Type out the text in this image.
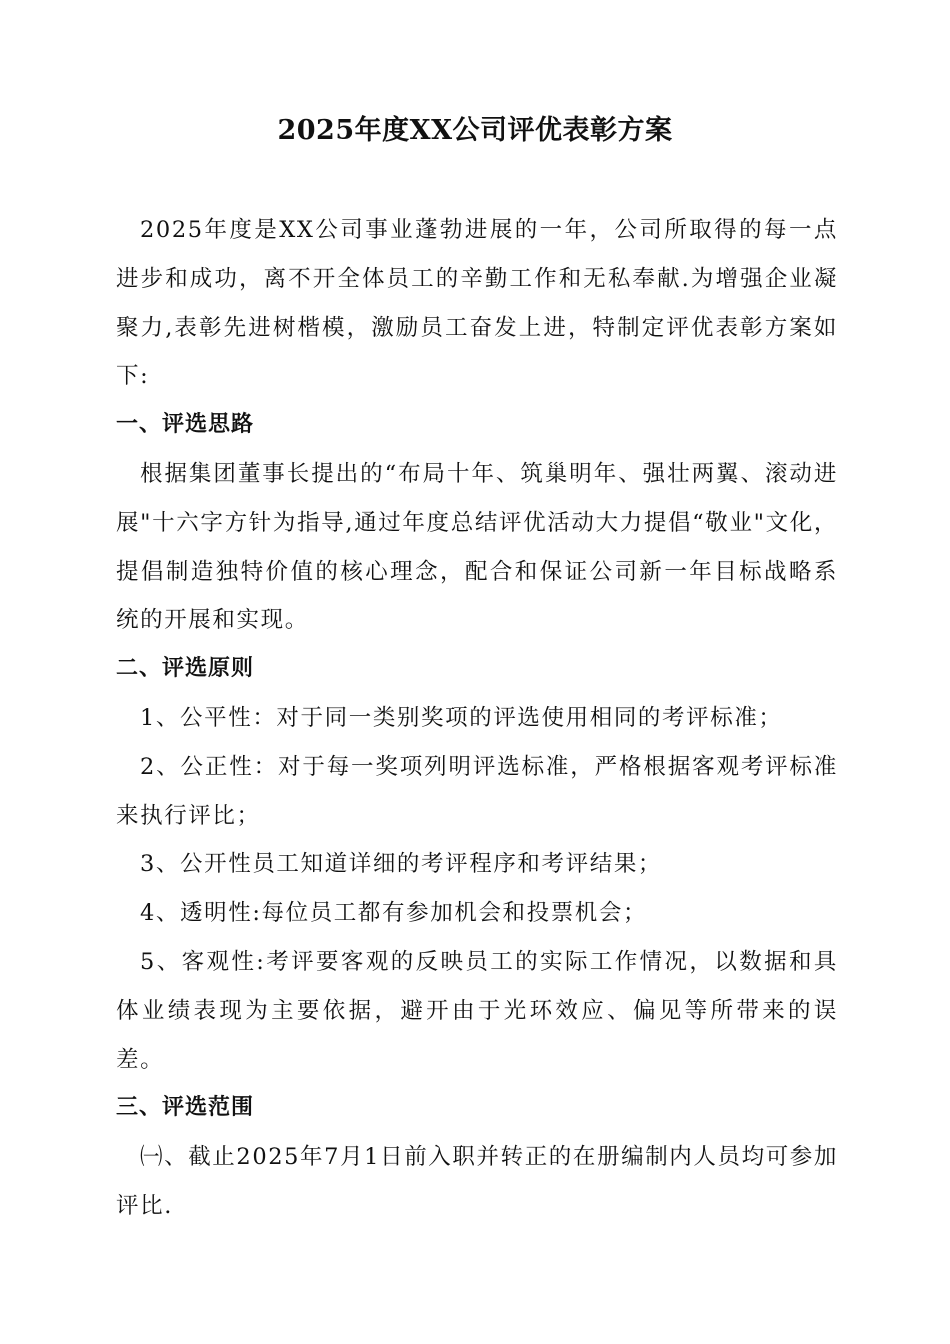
2025年度XX公司评优表彰方案

2025年度是XX公司事业蓬勃进展的一年，公司所取得的每一点进步和成功，离不开全体员工的辛勤工作和无私奉献.为增强企业凝聚力,表彰先进树楷模，激励员工奋发上进，特制定评优表彰方案如下:

一、评选思路

根据集团董事长提出的“布局十年、筑巢明年、强壮两翼、滚动进展"十六字方针为指导,通过年度总结评优活动大力提倡“敬业"文化，提倡制造独特价值的核心理念，配合和保证公司新一年目标战略系统的开展和实现。

二、评选原则

1、公平性：对于同一类别奖项的评选使用相同的考评标准；

2、公正性：对于每一奖项列明评选标准，严格根据客观考评标准来执行评比；

3、公开性员工知道详细的考评程序和考评结果；

4、透明性:每位员工都有参加机会和投票机会；

5、客观性:考评要客观的反映员工的实际工作情况，以数据和具体业绩表现为主要依据，避开由于光环效应、偏见等所带来的误差。

三、评选范围

㈠、截止2025年7月1日前入职并转正的在册编制内人员均可参加评比.
